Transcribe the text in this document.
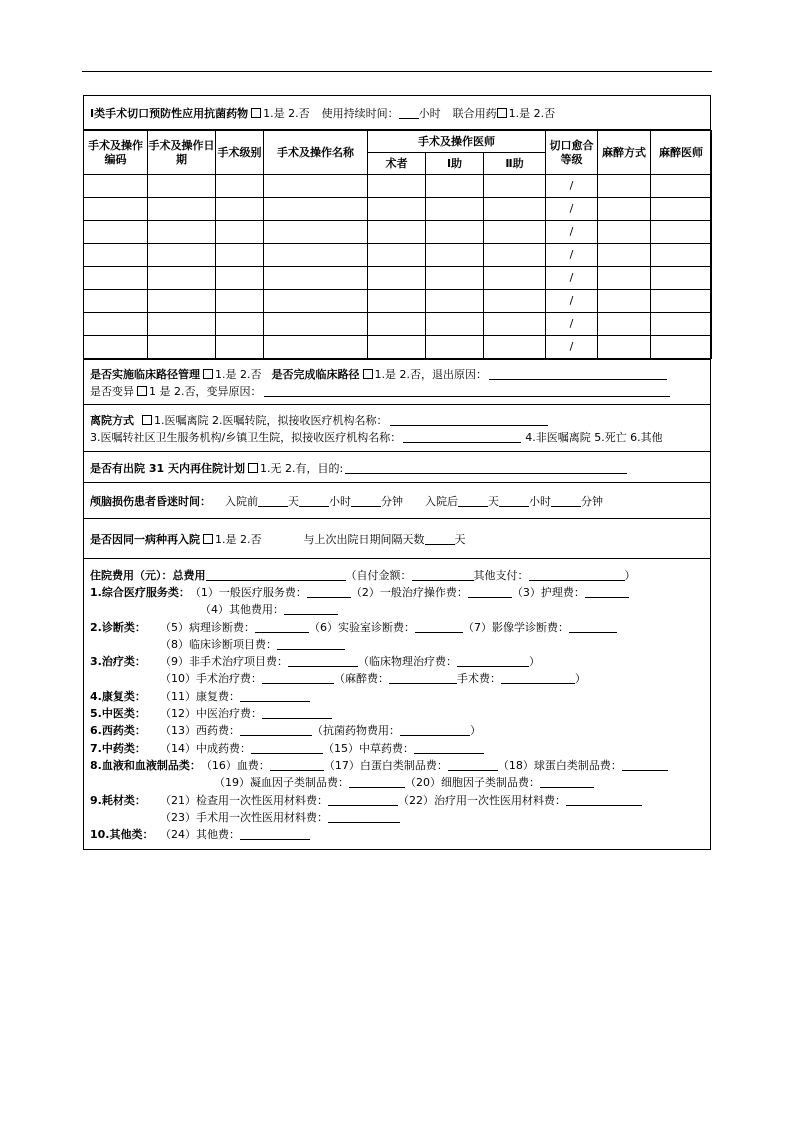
Ⅰ类手术切口预防性应用抗菌药物 1.是 2.否 使用持续时间： 小时 联合用药 1.是 2.否
手术及操作编码	手术及操作日期	手术级别	手术及操作名称	手术及操作医师			切口愈合等级	麻醉方式	麻醉医师
				术者	Ⅰ助	Ⅱ助			
							/		
							/		
							/		
							/		
							/		
							/		
							/		
							/		
是否实施临床路径管理 1.是 2.否 是否完成临床路径 1.是 2.否，退出原因：
是否变异 1 是 2.否，变异原因：
离院方式 1.医嘱离院 2.医嘱转院，拟接收医疗机构名称：
3.医嘱转社区卫生服务机构/乡镇卫生院，拟接收医疗机构名称：	4.非医嘱离院 5.死亡 6.其他
是否有出院 31 天内再住院计划 1.无 2.有，目的:
颅脑损伤患者昏迷时间： 入院前	天	小时	分钟 入院后	天	小时	分钟
是否因同一病种再入院 1.是 2.否	与上次出院日期间隔天数	天
住院费用（元）：总费用	（自付金额：	其他支付：	）
1.综合医疗服务类： （1）一般医疗服务费：	（2）一般治疗操作费：	（3）护理费：
（4）其他费用：
2.诊断类：	（5）病理诊断费：	（6）实验室诊断费：	（7）影像学诊断费：
（8）临床诊断项目费：
3.治疗类：	（9）非手术治疗项目费：	（临床物理治疗费：	）
（10）手术治疗费：	（麻醉费：	手术费：	）
4.康复类：	（11）康复费：
5.中医类：	（12）中医治疗费：
6.西药类：	（13）西药费：	（抗菌药物费用：	）
7.中药类：	（14）中成药费：	（15）中草药费：
8.血液和血液制品类： （16）血费：	（17）白蛋白类制品费：	（18）球蛋白类制品费：
（19）凝血因子类制品费：	（20）细胞因子类制品费：
9.耗材类：	（21）检查用一次性医用材料费：	（22）治疗用一次性医用材料费：
（23）手术用一次性医用材料费：
10.其他类： （24）其他费：
